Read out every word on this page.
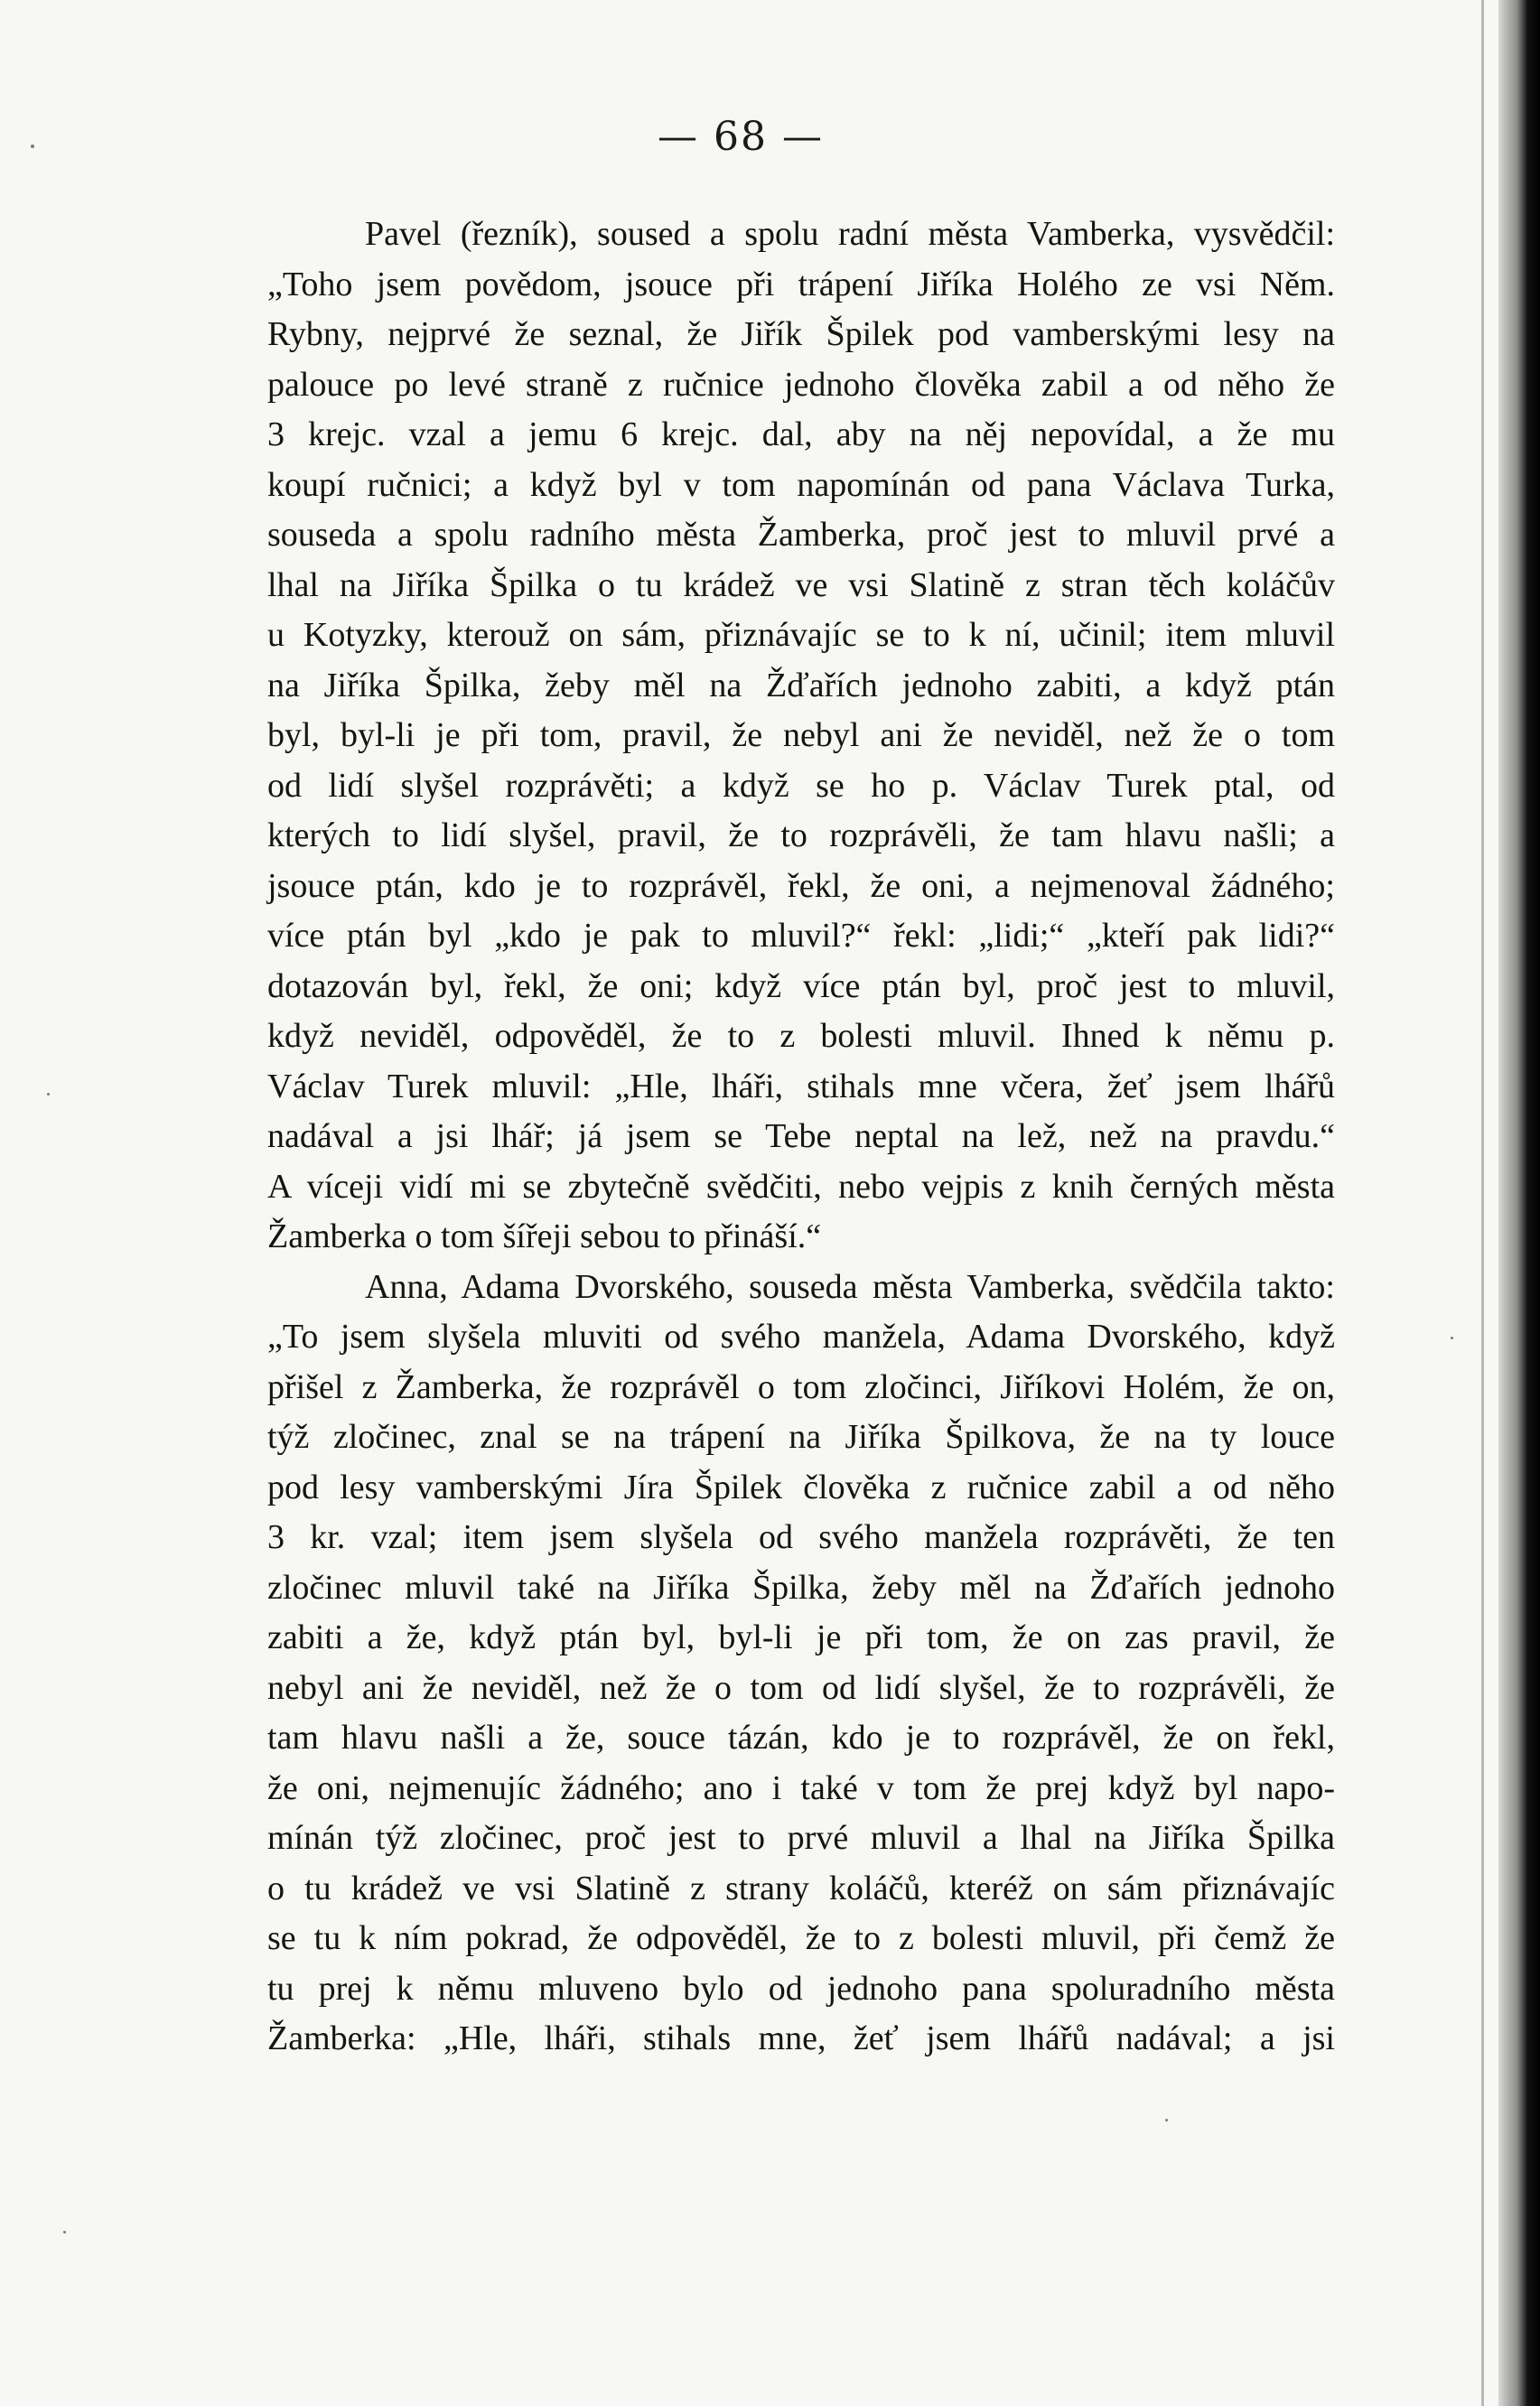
— 68 —

Pavel (řezník), soused a spolu radní města Vamberka, vysvědčil:
„Toho jsem povědom, jsouce při trápení Jiříka Holého ze vsi Něm.
Rybny, nejprvé že seznal, že Jiřík Špilek pod vamberskými lesy na
palouce po levé straně z ručnice jednoho člověka zabil a od něho že
3 krejc. vzal a jemu 6 krejc. dal, aby na něj nepovídal, a že mu
koupí ručnici; a když byl v tom napomínán od pana Václava Turka,
souseda a spolu radního města Žamberka, proč jest to mluvil prvé a
lhal na Jiříka Špilka o tu krádež ve vsi Slatině z stran těch koláčův
u Kotyzky, kterouž on sám, přiznávajíc se to k ní, učinil; item mluvil
na Jiříka Špilka, žeby měl na Žďařích jednoho zabiti, a když ptán
byl, byl-li je při tom, pravil, že nebyl ani že neviděl, než že o tom
od lidí slyšel rozprávěti; a když se ho p. Václav Turek ptal, od
kterých to lidí slyšel, pravil, že to rozprávěli, že tam hlavu našli; a
jsouce ptán, kdo je to rozprávěl, řekl, že oni, a nejmenoval žádného;
více ptán byl „kdo je pak to mluvil?“ řekl: „lidi;“ „kteří pak lidi?“
dotazován byl, řekl, že oni; když více ptán byl, proč jest to mluvil,
když neviděl, odpověděl, že to z bolesti mluvil. Ihned k němu p.
Václav Turek mluvil: „Hle, lháři, stihals mne včera, žeť jsem lhářů
nadával a jsi lhář; já jsem se Tebe neptal na lež, než na pravdu.“
A víceji vidí mi se zbytečně svědčiti, nebo vejpis z knih černých města
Žamberka o tom šířeji sebou to přináší.“

Anna, Adama Dvorského, souseda města Vamberka, svědčila takto:
„To jsem slyšela mluviti od svého manžela, Adama Dvorského, když
přišel z Žamberka, že rozprávěl o tom zločinci, Jiříkovi Holém, že on,
týž zločinec, znal se na trápení na Jiříka Špilkova, že na ty louce
pod lesy vamberskými Jíra Špilek člověka z ručnice zabil a od něho
3 kr. vzal; item jsem slyšela od svého manžela rozprávěti, že ten
zločinec mluvil také na Jiříka Špilka, žeby měl na Žďařích jednoho
zabiti a že, když ptán byl, byl-li je při tom, že on zas pravil, že
nebyl ani že neviděl, než že o tom od lidí slyšel, že to rozprávěli, že
tam hlavu našli a že, souce tázán, kdo je to rozprávěl, že on řekl,
že oni, nejmenujíc žádného; ano i také v tom že prej když byl napo-
mínán týž zločinec, proč jest to prvé mluvil a lhal na Jiříka Špilka
o tu krádež ve vsi Slatině z strany koláčů, kteréž on sám přiznávajíc
se tu k ním pokrad, že odpověděl, že to z bolesti mluvil, při čemž že
tu prej k němu mluveno bylo od jednoho pana spoluradního města
Žamberka: „Hle, lháři, stihals mne, žeť jsem lhářů nadával; a jsi
